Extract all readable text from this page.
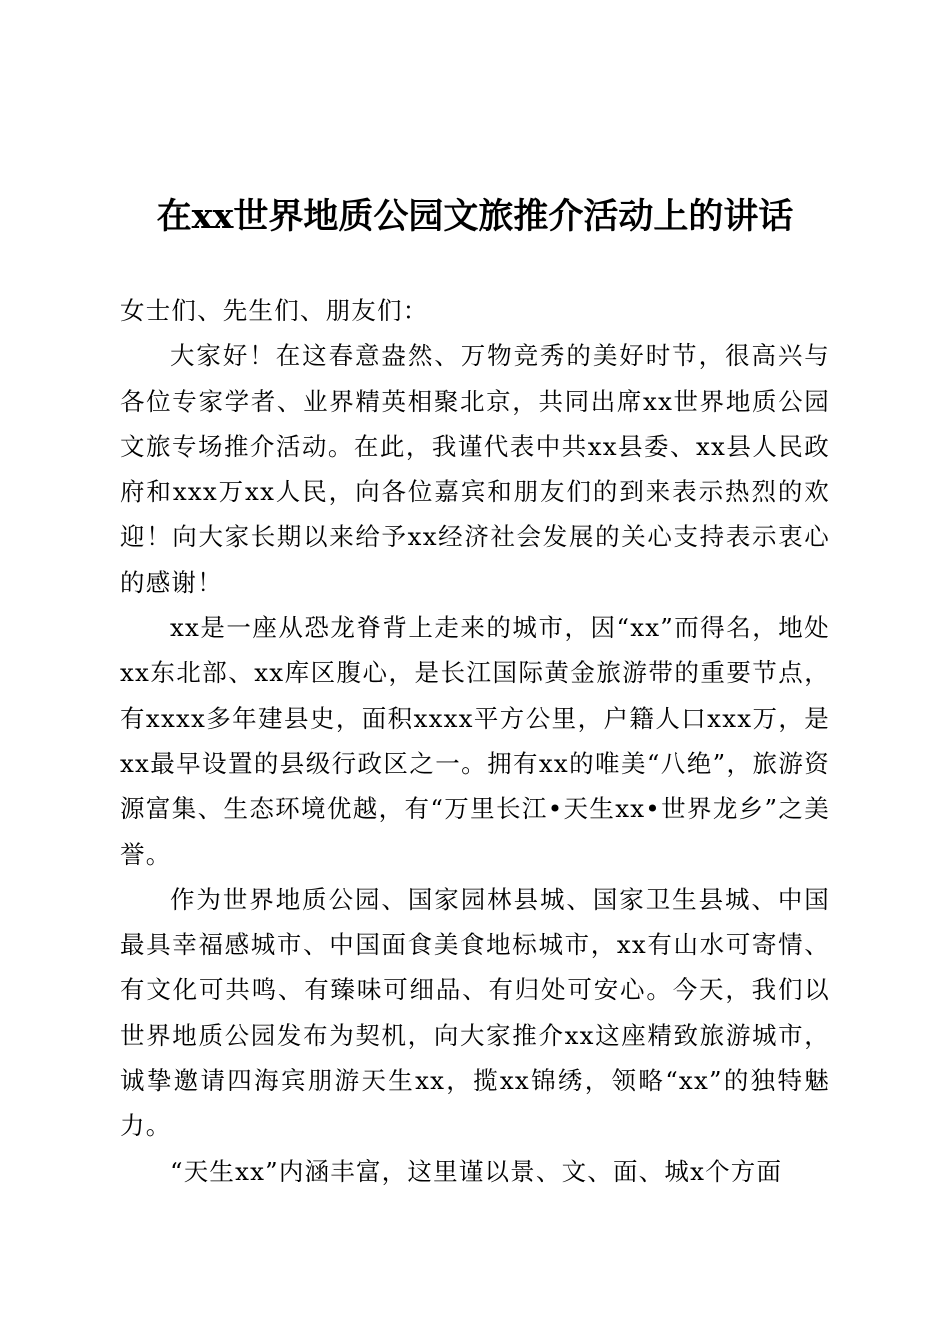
在xx世界地质公园文旅推介活动上的讲话

女士们、先生们、朋友们：

大家好！在这春意盎然、万物竞秀的美好时节，很高兴与各位专家学者、业界精英相聚北京，共同出席xx世界地质公园文旅专场推介活动。在此，我谨代表中共xx县委、xx县人民政府和xxx万xx人民，向各位嘉宾和朋友们的到来表示热烈的欢迎！向大家长期以来给予xx经济社会发展的关心支持表示衷心的感谢！

xx是一座从恐龙脊背上走来的城市，因“xx”而得名，地处xx东北部、xx库区腹心，是长江国际黄金旅游带的重要节点，有xxxx多年建县史，面积xxxx平方公里，户籍人口xxx万，是xx最早设置的县级行政区之一。拥有xx的唯美“八绝”，旅游资源富集、生态环境优越，有“万里长江•天生xx•世界龙乡”之美誉。

作为世界地质公园、国家园林县城、国家卫生县城、中国最具幸福感城市、中国面食美食地标城市，xx有山水可寄情、有文化可共鸣、有臻味可细品、有归处可安心。今天，我们以世界地质公园发布为契机，向大家推介xx这座精致旅游城市，诚挚邀请四海宾朋游天生xx，揽xx锦绣，领略“xx”的独特魅力。

“天生xx”内涵丰富，这里谨以景、文、面、城x个方面
